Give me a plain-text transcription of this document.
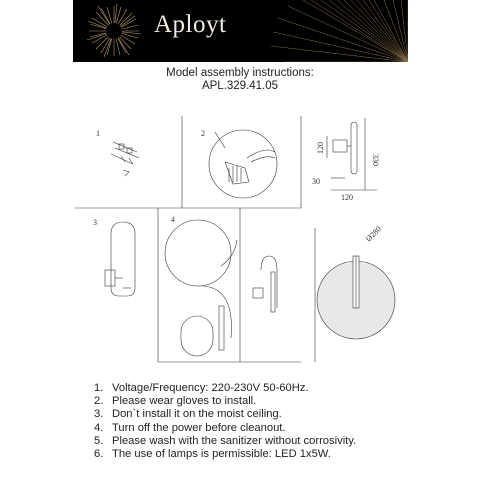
Aployt
Model assembly instructions:
APL.329.41.05
1	2
3	4
330
120
30
120
Ø280
1. Voltage/Frequency: 220-230V 50-60Hz.
2. Please wear gloves to install.
3. Don`t install it on the moist ceiling.
4. Turn off the power before cleanout.
5. Please wash with the sanitizer without corrosivity.
6. The use of lamps is permissible: LED 1x5W.
